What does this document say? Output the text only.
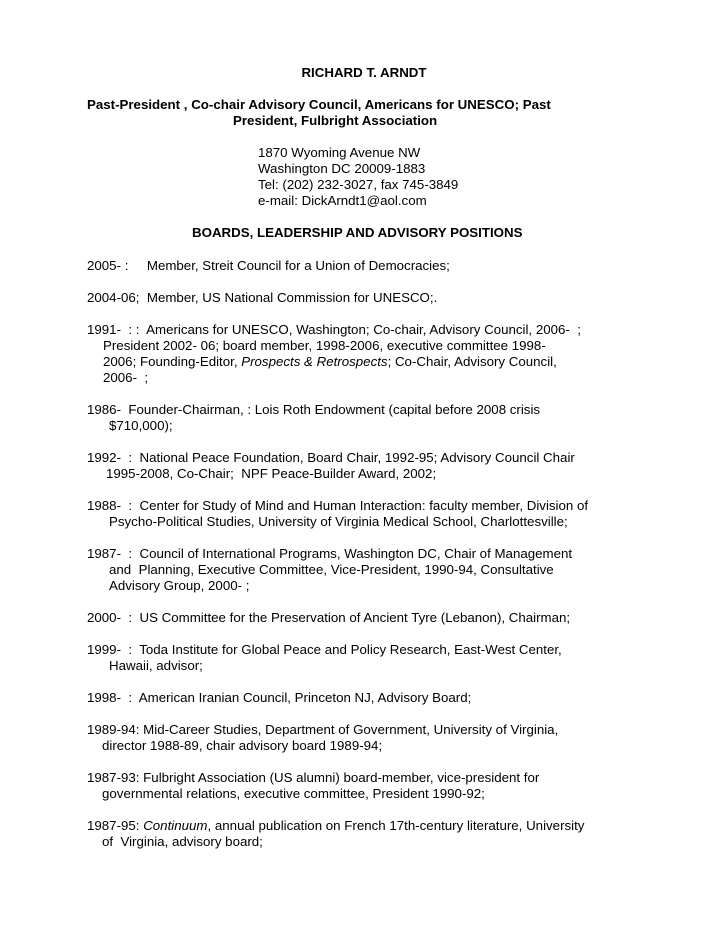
RICHARD T. ARNDT
Past-President , Co-chair Advisory Council, Americans for UNESCO; Past
President, Fulbright Association
1870 Wyoming Avenue NW
Washington DC 20009-1883
Tel: (202) 232-3027, fax 745-3849
e-mail: DickArndt1@aol.com
BOARDS, LEADERSHIP AND ADVISORY POSITIONS
2005- :     Member, Streit Council for a Union of Democracies;
2004-06;  Member, US National Commission for UNESCO;.
1991-  : :  Americans for UNESCO, Washington; Co-chair, Advisory Council, 2006-  ;
President 2002- 06; board member, 1998-2006, executive committee 1998-
2006; Founding-Editor, Prospects & Retrospects; Co-Chair, Advisory Council,
2006-  ;
1986-  Founder-Chairman, : Lois Roth Endowment (capital before 2008 crisis
$710,000);
1992-  :  National Peace Foundation, Board Chair, 1992-95; Advisory Council Chair
1995-2008, Co-Chair;  NPF Peace-Builder Award, 2002;
1988-  :  Center for Study of Mind and Human Interaction: faculty member, Division of
Psycho-Political Studies, University of Virginia Medical School, Charlottesville;
1987-  :  Council of International Programs, Washington DC, Chair of Management
and  Planning, Executive Committee, Vice-President, 1990-94, Consultative
Advisory Group, 2000- ;
2000-  :  US Committee for the Preservation of Ancient Tyre (Lebanon), Chairman;
1999-  :  Toda Institute for Global Peace and Policy Research, East-West Center,
Hawaii, advisor;
1998-  :  American Iranian Council, Princeton NJ, Advisory Board;
1989-94: Mid-Career Studies, Department of Government, University of Virginia,
director 1988-89, chair advisory board 1989-94;
1987-93: Fulbright Association (US alumni) board-member, vice-president for
governmental relations, executive committee, President 1990-92;
1987-95: Continuum, annual publication on French 17th-century literature, University
of  Virginia, advisory board;
